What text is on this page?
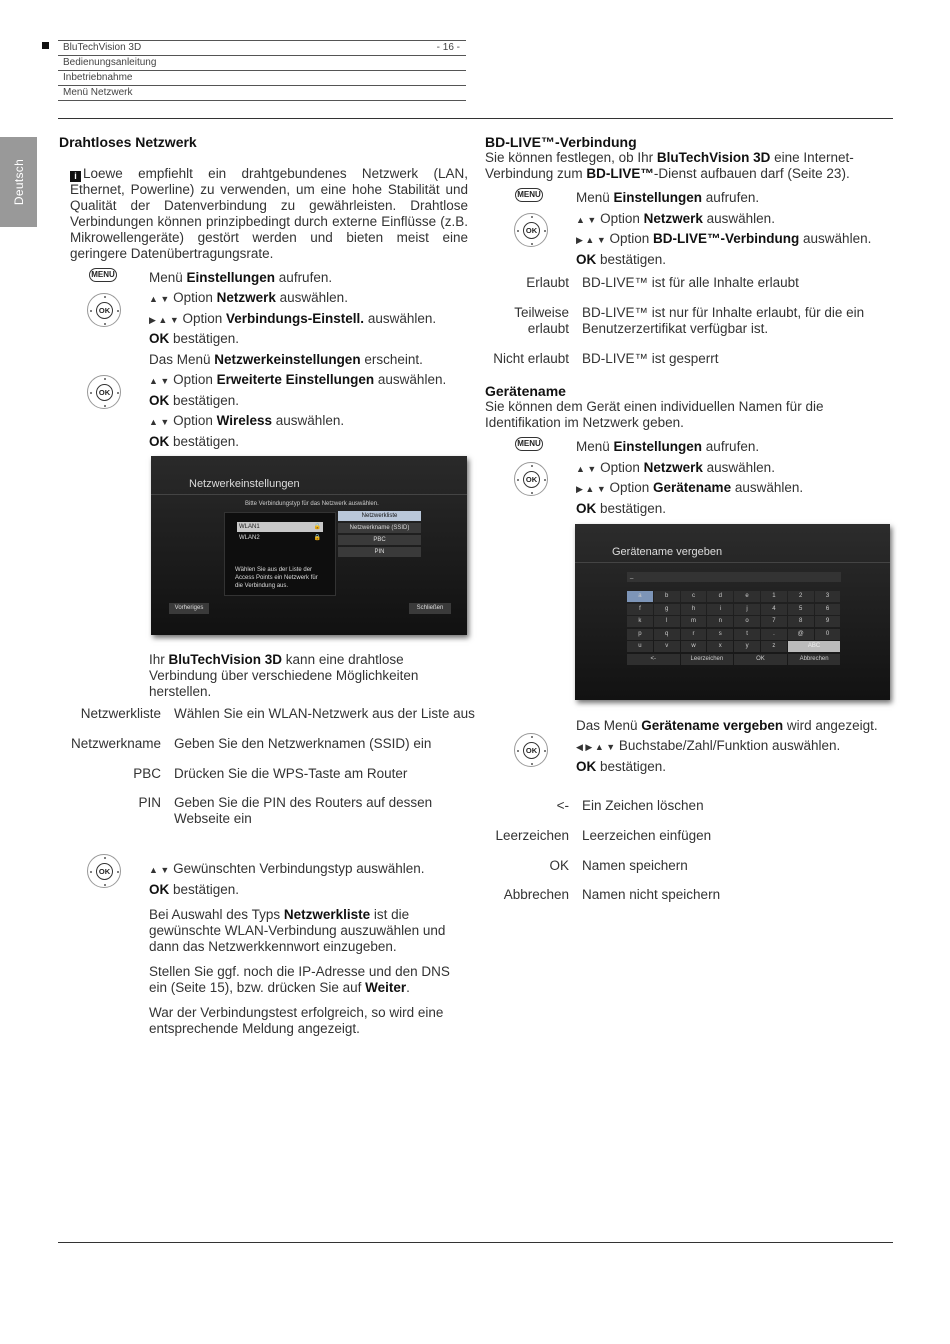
BluTechVision 3D	- 16 -
Bedienungsanleitung
Inbetriebnahme
Menü Netzwerk
Deutsch
Drahtloses Netzwerk
i Loewe empfiehlt ein drahtgebundenes Netzwerk (LAN, Ethernet, Powerline) zu verwenden, um eine hohe Stabilität und Qualität der Datenverbindung zu gewährleisten. Drahtlose Verbindungen können prinzipbedingt durch externe Einflüsse (z.B. Mikrowellengeräte) gestört werden und bieten meist eine geringere Datenübertragungsrate.
MENU
OK
OK
Menü Einstellungen aufrufen.
▲ ▼ Option Netzwerk auswählen.
▶ ▲ ▼ Option Verbindungs-Einstell. auswählen.
OK bestätigen.
Das Menü Netzwerkeinstellungen erscheint.
▲ ▼ Option Erweiterte Einstellungen auswählen.
OK bestätigen.
▲ ▼ Option Wireless auswählen.
OK bestätigen.
Netzwerkeinstellungen
Bitte Verbindungstyp für das Netzwerk auswählen.
WLAN1	🔒
WLAN2	🔒
Netzwerkliste
Netzwerkname (SSID)
PBC
PIN
Wählen Sie aus der Liste der
Access Points ein Netzwerk für
die Verbindung aus.
Vorheriges	Schließen
Ihr BluTechVision 3D kann eine drahtlose Verbindung über verschiedene Möglichkeiten herstellen.
Netzwerkliste Wählen Sie ein WLAN-Netzwerk aus der Liste aus
Netzwerkname Geben Sie den Netzwerknamen (SSID) ein
PBC Drücken Sie die WPS-Taste am Router
PIN Geben Sie die PIN des Routers auf dessen Webseite ein
OK	▲ ▼ Gewünschten Verbindungstyp auswählen.
OK bestätigen.
Bei Auswahl des Typs Netzwerkliste ist die gewünschte WLAN-Verbindung auszuwählen und dann das Netzwerkkennwort einzugeben.
Stellen Sie ggf. noch die IP-Adresse und den DNS ein (Seite 15), bzw. drücken Sie auf Weiter.
War der Verbindungstest erfolgreich, so wird eine entsprechende Meldung angezeigt.
BD-LIVE™-Verbindung
Sie können festlegen, ob Ihr BluTechVision 3D eine Internet-Verbindung zum BD-LIVE™-Dienst aufbauen darf (Seite 23).
MENU
OK
Menü Einstellungen aufrufen.
▲ ▼ Option Netzwerk auswählen.
▶ ▲ ▼ Option BD-LIVE™-Verbindung auswählen.
OK bestätigen.
Erlaubt BD-LIVE™ ist für alle Inhalte erlaubt
Teilweise
erlaubt
BD-LIVE™ ist nur für Inhalte erlaubt, für die ein Benutzerzertifikat verfügbar ist.
Nicht erlaubt BD-LIVE™ ist gesperrt
Gerätename
Sie können dem Gerät einen individuellen Namen für die Identifikation im Netzwerk geben.
MENU
OK
Menü Einstellungen aufrufen.
▲ ▼ Option Netzwerk auswählen.
▶ ▲ ▼ Option Gerätename auswählen.
OK bestätigen.
Gerätename vergeben
_
a	b	c	d	e	1	2	3
f	g	h	i	j	4	5	6
k	l	m	n	o	7	8	9
p	q	r	s	t	.	@	0
u	v	w	x	y	z	ABC
<-	Leerzeichen	OK	Abbrechen
Das Menü Gerätename vergeben wird angezeigt.
OK	◀ ▶ ▲ ▼ Buchstabe/Zahl/Funktion auswählen.
OK bestätigen.
<- Ein Zeichen löschen
Leerzeichen Leerzeichen einfügen
OK Namen speichern
Abbrechen Namen nicht speichern
